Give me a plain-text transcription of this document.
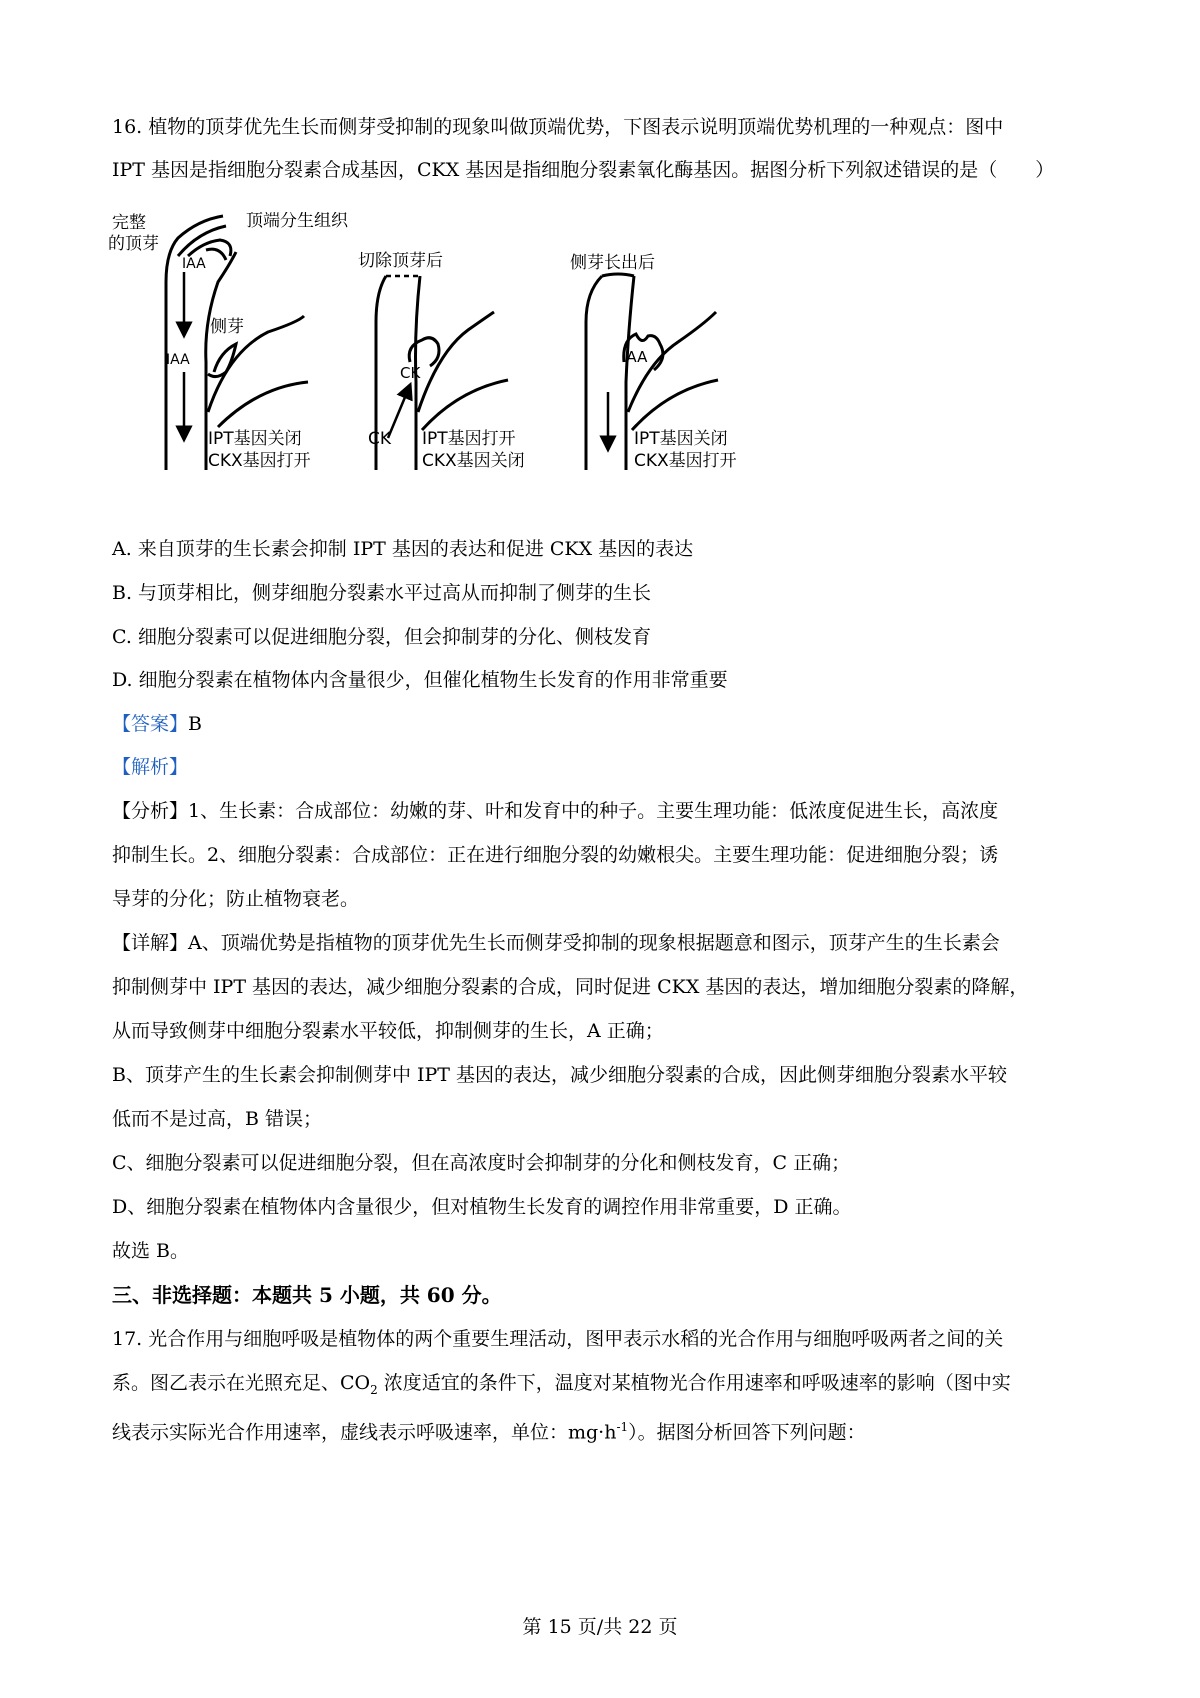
16. 植物的顶芽优先生长而侧芽受抑制的现象叫做顶端优势，下图表示说明顶端优势机理的一种观点：图中
IPT 基因是指细胞分裂素合成基因，CKX 基因是指细胞分裂素氧化酶基因。据图分析下列叙述错误的是（　　）
完整
的顶芽
顶端分生组织
IAA
IAA
侧芽
IPT基因关闭
CKX基因打开
切除顶芽后
CK
CK IPT基因打开
CKX基因关闭
侧芽长出后
IAA
IPT基因关闭
CKX基因打开
A. 来自顶芽的生长素会抑制 IPT 基因的表达和促进 CKX 基因的表达
B. 与顶芽相比，侧芽细胞分裂素水平过高从而抑制了侧芽的生长
C. 细胞分裂素可以促进细胞分裂，但会抑制芽的分化、侧枝发育
D. 细胞分裂素在植物体内含量很少，但催化植物生长发育的作用非常重要
【答案】B
【解析】
【分析】1、生长素：合成部位：幼嫩的芽、叶和发育中的种子。主要生理功能：低浓度促进生长，高浓度
抑制生长。2、细胞分裂素：合成部位：正在进行细胞分裂的幼嫩根尖。主要生理功能：促进细胞分裂；诱
导芽的分化；防止植物衰老。
【详解】A、顶端优势是指植物的顶芽优先生长而侧芽受抑制的现象根据题意和图示，顶芽产生的生长素会
抑制侧芽中 IPT 基因的表达，减少细胞分裂素的合成，同时促进 CKX 基因的表达，增加细胞分裂素的降解，
从而导致侧芽中细胞分裂素水平较低，抑制侧芽的生长，A 正确；
B、顶芽产生的生长素会抑制侧芽中 IPT 基因的表达，减少细胞分裂素的合成，因此侧芽细胞分裂素水平较
低而不是过高，B 错误；
C、细胞分裂素可以促进细胞分裂，但在高浓度时会抑制芽的分化和侧枝发育，C 正确；
D、细胞分裂素在植物体内含量很少，但对植物生长发育的调控作用非常重要，D 正确。
故选 B。
三、非选择题：本题共 5 小题，共 60 分。
17. 光合作用与细胞呼吸是植物体的两个重要生理活动，图甲表示水稻的光合作用与细胞呼吸两者之间的关
系。图乙表示在光照充足、$CO_2$ 浓度适宜的条件下，温度对某植物光合作用速率和呼吸速率的影响（图中实
线表示实际光合作用速率，虚线表示呼吸速率，单位：$mg\cdot h^{-1}$）。据图分析回答下列问题：
第 15 页/共 22 页
